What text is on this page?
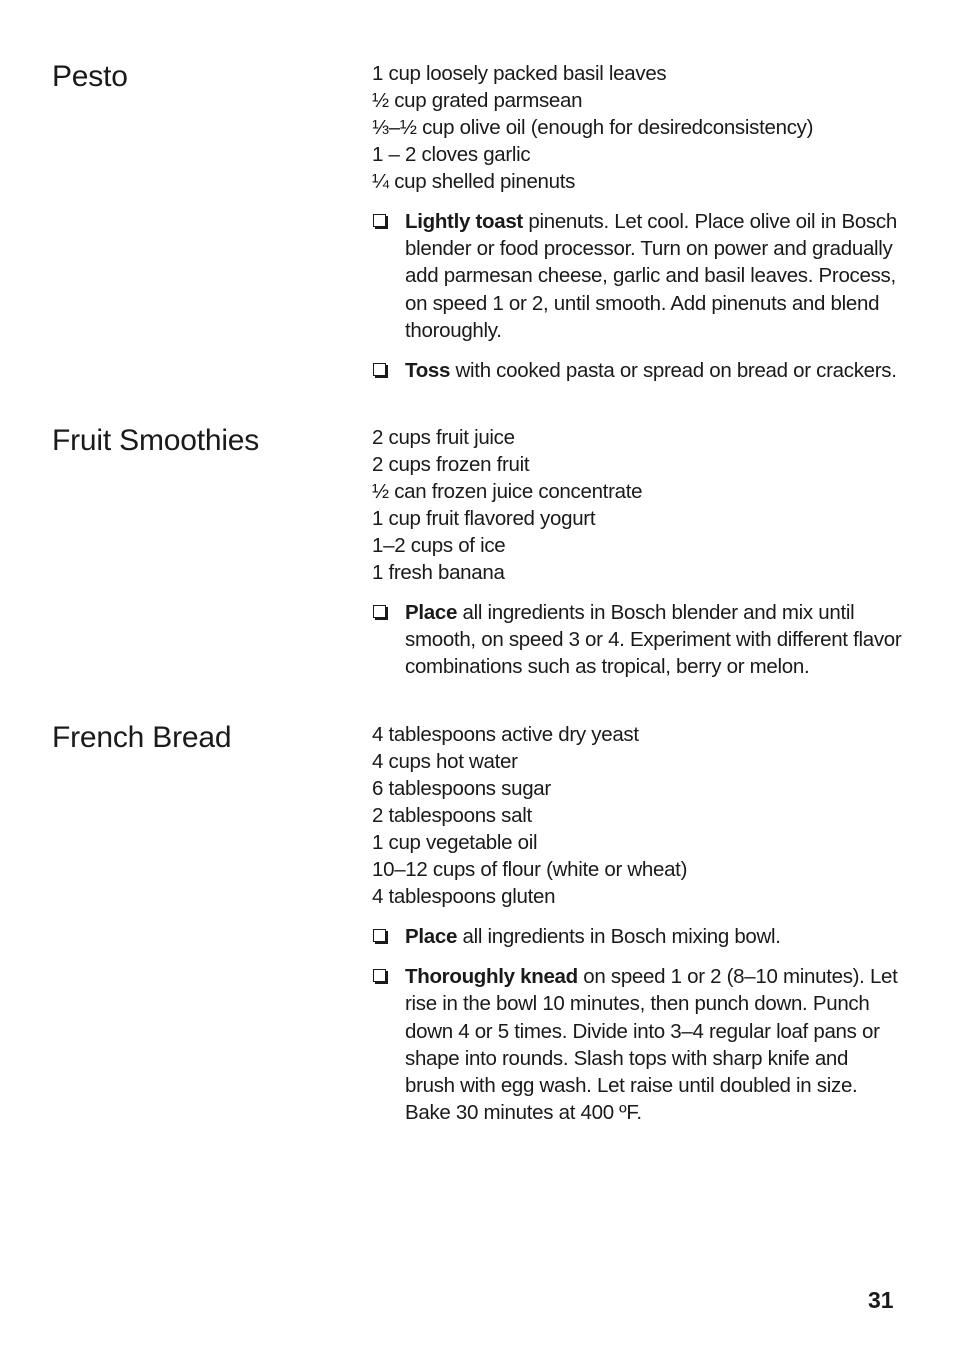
Pesto	1 cup loosely packed basil leaves
½ cup grated parmsean
⅓–½ cup olive oil (enough for desiredconsistency)
1 – 2 cloves garlic
¼ cup shelled pinenuts
Lightly toast pinenuts. Let cool. Place olive oil in Bosch blender or food processor. Turn on power and gradually add parmesan cheese, garlic and basil leaves. Process, on speed 1 or 2, until smooth. Add pinenuts and blend thoroughly.
Toss with cooked pasta or spread on bread or crackers.
Fruit Smoothies	2 cups fruit juice
2 cups frozen fruit
½ can frozen juice concentrate
1 cup fruit flavored yogurt
1–2 cups of ice
1 fresh banana
Place all ingredients in Bosch blender and mix until smooth, on speed 3 or 4. Experiment with different flavor combinations such as tropical, berry or melon.
French Bread	4 tablespoons active dry yeast
4 cups hot water
6 tablespoons sugar
2 tablespoons salt
1 cup vegetable oil
10–12 cups of flour (white or wheat)
4 tablespoons gluten
Place all ingredients in Bosch mixing bowl.
Thoroughly knead on speed 1 or 2 (8–10 minutes). Let rise in the bowl 10 minutes, then punch down. Punch down 4 or 5 times. Divide into 3–4 regular loaf pans or shape into rounds. Slash tops with sharp knife and brush with egg wash. Let raise until doubled in size. Bake 30 minutes at 400 ºF.
31
